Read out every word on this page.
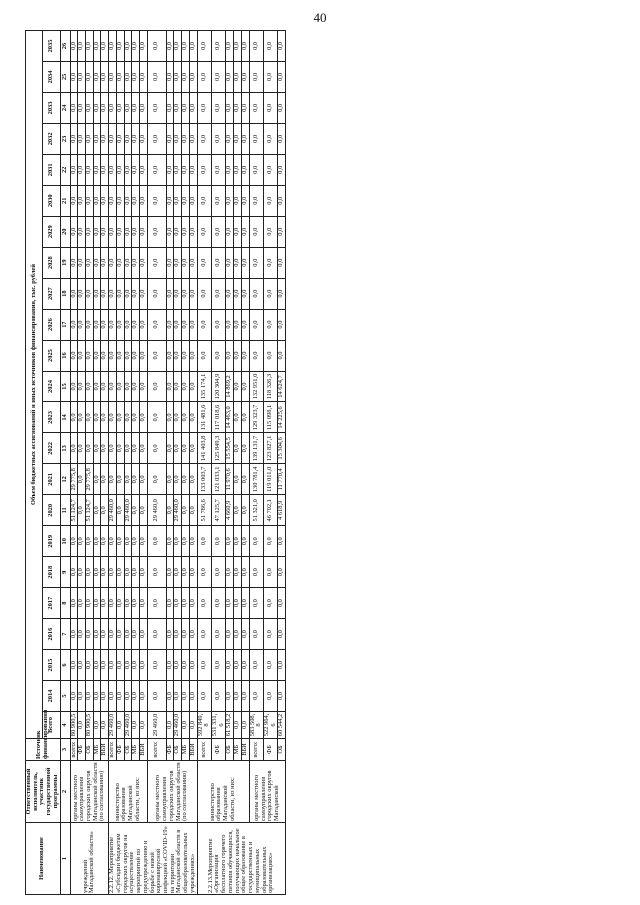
40
Наименование	Ответственный исполнитель, участник государственной программы	Источник финансирования	Объем бюджетных ассигнований и иных источников финансирования, тыс. рублей																						
			Всего	2014	2015	2016	2017	2018	2019	2020	2021	2022	2023	2024	2025	2026	2027	2028	2029	2030	2031	2032	2033	2034	2035
1	2	3	4	5	6	7	8	9	10	11	12	13	14	15	16	17	18	19	20	21	22	23	24	25	26
учреждений Магаданской области»	органы местного самоуправления городских округов Магаданской области (по согласованию)	всего:	80 900,5	0,0	0,0	0,0	0,0	0,0	0,0	51 124,7	29 775,8	0,0	0,0	0,0	0,0	0,0	0,0	0,0	0,0	0,0	0,0	0,0	0,0	0,0	0,0
		ФБ	0,0	0,0	0,0	0,0	0,0	0,0	0,0	0,0	0,0	0,0	0,0	0,0	0,0	0,0	0,0	0,0	0,0	0,0	0,0	0,0	0,0	0,0	0,0
		ОБ	80 900,5	0,0	0,0	0,0	0,0	0,0	0,0	51 124,7	29 775,8	0,0	0,0	0,0	0,0	0,0	0,0	0,0	0,0	0,0	0,0	0,0	0,0	0,0	0,0
		МБ	0,0	0,0	0,0	0,0	0,0	0,0	0,0	0,0	0,0	0,0	0,0	0,0	0,0	0,0	0,0	0,0	0,0	0,0	0,0	0,0	0,0	0,0	0,0
		ВБИ	0,0	0,0	0,0	0,0	0,0	0,0	0,0	0,0	0,0	0,0	0,0	0,0	0,0	0,0	0,0	0,0	0,0	0,0	0,0	0,0	0,0	0,0	0,0
2.2.12. Мероприятие «Субсидии бюджетам городских округов на осуществление мероприятий по предупреждению и борьбе с новой коронавирусной инфекцией «COVID-19» на территории Магаданской области в общеобразовательных учреждениях»	министерство образования Магаданской области, из них:	всего:	29 460,0	0,0	0,0	0,0	0,0	0,0	0,0	29 460,0	0,0	0,0	0,0	0,0	0,0	0,0	0,0	0,0	0,0	0,0	0,0	0,0	0,0	0,0	0,0
		ФБ	0,0	0,0	0,0	0,0	0,0	0,0	0,0	0,0	0,0	0,0	0,0	0,0	0,0	0,0	0,0	0,0	0,0	0,0	0,0	0,0	0,0	0,0	0,0
		ОБ	29 460,0	0,0	0,0	0,0	0,0	0,0	0,0	29 460,0	0,0	0,0	0,0	0,0	0,0	0,0	0,0	0,0	0,0	0,0	0,0	0,0	0,0	0,0	0,0
		МБ	0,0	0,0	0,0	0,0	0,0	0,0	0,0	0,0	0,0	0,0	0,0	0,0	0,0	0,0	0,0	0,0	0,0	0,0	0,0	0,0	0,0	0,0	0,0
		ВБИ	0,0	0,0	0,0	0,0	0,0	0,0	0,0	0,0	0,0	0,0	0,0	0,0	0,0	0,0	0,0	0,0	0,0	0,0	0,0	0,0	0,0	0,0	0,0
	органы местного самоуправления городских округов Магаданской области (по согласованию)	всего:	29 460,0	0,0	0,0	0,0	0,0	0,0	0,0	29 460,0	0,0	0,0	0,0	0,0	0,0	0,0	0,0	0,0	0,0	0,0	0,0	0,0	0,0	0,0	0,0
		ФБ	0,0	0,0	0,0	0,0	0,0	0,0	0,0	0,0	0,0	0,0	0,0	0,0	0,0	0,0	0,0	0,0	0,0	0,0	0,0	0,0	0,0	0,0	0,0
		ОБ	29 460,0	0,0	0,0	0,0	0,0	0,0	0,0	29 460,0	0,0	0,0	0,0	0,0	0,0	0,0	0,0	0,0	0,0	0,0	0,0	0,0	0,0	0,0	0,0
		МБ	0,0	0,0	0,0	0,0	0,0	0,0	0,0	0,0	0,0	0,0	0,0	0,0	0,0	0,0	0,0	0,0	0,0	0,0	0,0	0,0	0,0	0,0	0,0
		ВБИ	0,0	0,0	0,0	0,0	0,0	0,0	0,0	0,0	0,0	0,0	0,0	0,0	0,0	0,0	0,0	0,0	0,0	0,0	0,0	0,0	0,0	0,0	0,0
2.2.13.Мероприятие «Организация бесплатного горячего питания обучающихся, получающих начальное общее образование в государственных и муниципальных образовательных организациях»	министерство образования Магаданской области, из них:	всего:	592 849,8	0,0	0,0	0,0	0,0	0,0	0,0	51 786,6	133 003,7	141 403,8	131 481,6	135 174,1	0,0	0,0	0,0	0,0	0,0	0,0	0,0	0,0	0,0	0,0	0,0
		ФБ	531 331,6	0,0	0,0	0,0	0,0	0,0	0,0	47 125,7	121 033,1	125 849,3	117 018,6	120 304,9	0,0	0,0	0,0	0,0	0,0	0,0	0,0	0,0	0,0	0,0	0,0
		ОБ	61 518,2	0,0	0,0	0,0	0,0	0,0	0,0	4 660,9	11 970,6	15 554,5	14 463,0	14 869,2	0,0	0,0	0,0	0,0	0,0	0,0	0,0	0,0	0,0	0,0	0,0
		МБ	0,0	0,0	0,0	0,0	0,0	0,0	0,0	0,0	0,0	0,0	0,0	0,0	0,0	0,0	0,0	0,0	0,0	0,0	0,0	0,0	0,0	0,0	0,0
		ВБИ	0,0	0,0	0,0	0,0	0,0	0,0	0,0	0,0	0,0	0,0	0,0	0,0	0,0	0,0	0,0	0,0	0,0	0,0	0,0	0,0	0,0	0,0	0,0
	органы местного самоуправления городских округов Магаданской	всего:	583 508,8	0,0	0,0	0,0	0,0	0,0	0,0	51 321,0	130 781,4	139 131,7	129 323,7	132 951,0	0,0	0,0	0,0	0,0	0,0	0,0	0,0	0,0	0,0	0,0	0,0
		ФБ	522 964,6	0,0	0,0	0,0	0,0	0,0	0,0	46 702,1	119 011,0	123 827,1	115 098,1	118 326,3	0,0	0,0	0,0	0,0	0,0	0,0	0,0	0,0	0,0	0,0	0,0
		ОБ	60 544,2	0,0	0,0	0,0	0,0	0,0	0,0	4 618,9	11 770,4	15 304,6	14 225,6	14 624,7	0,0	0,0	0,0	0,0	0,0	0,0	0,0	0,0	0,0	0,0	0,0
